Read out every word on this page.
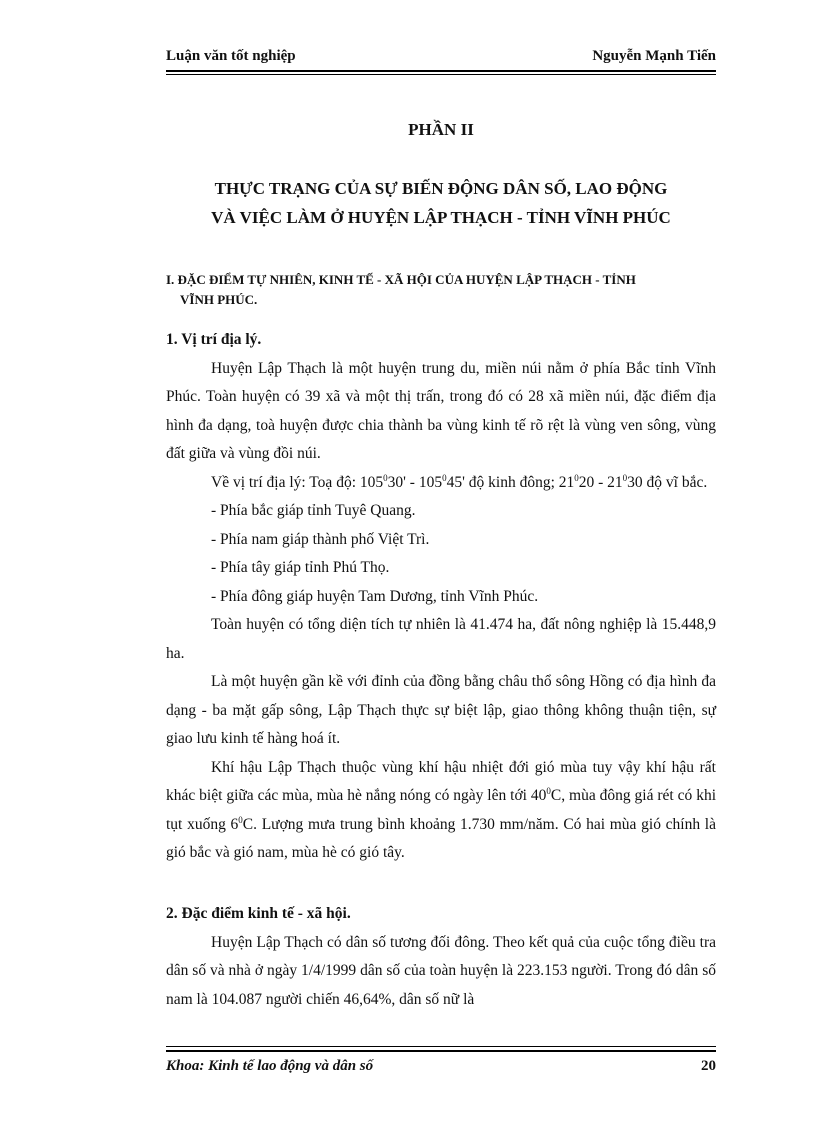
Luận văn tốt nghiệp	Nguyễn Mạnh Tiến
PHẦN II
THỰC TRẠNG CỦA SỰ BIẾN ĐỘNG DÂN SỐ, LAO ĐỘNG
VÀ VIỆC LÀM Ở HUYỆN LẬP THẠCH - TỈNH VĨNH PHÚC
I. ĐẶC ĐIỂM TỰ NHIÊN, KINH TẾ - XÃ HỘI CỦA HUYỆN LẬP THẠCH - TỈNH
VĨNH PHÚC.

1. Vị trí địa lý.

Huyện Lập Thạch là một huyện trung du, miền núi nằm ở phía Bắc tỉnh Vĩnh Phúc. Toàn huyện có 39 xã và một thị trấn, trong đó có 28 xã miền núi, đặc điểm địa hình đa dạng, toà huyện được chia thành ba vùng kinh tế rõ rệt là vùng ven sông, vùng đất giữa và vùng đồi núi.

Về vị trí địa lý: Toạ độ: $105^030' - 105^045'$ độ kinh đông; $21^020 - 21^030$ độ vĩ bắc.

- Phía bắc giáp tỉnh Tuyê Quang.

- Phía nam giáp thành phố Việt Trì.

- Phía tây giáp tỉnh Phú Thọ.

- Phía đông giáp huyện Tam Dương, tỉnh Vĩnh Phúc.

Toàn huyện có tổng diện tích tự nhiên là 41.474 ha, đất nông nghiệp là 15.448,9 ha.

Là một huyện gần kề với đỉnh của đồng bằng châu thổ sông Hồng có địa hình đa dạng - ba mặt gấp sông, Lập Thạch thực sự biệt lập, giao thông không thuận tiện, sự giao lưu kinh tế hàng hoá ít.

Khí hậu Lập Thạch thuộc vùng khí hậu nhiệt đới gió mùa tuy vậy khí hậu rất khác biệt giữa các mùa, mùa hè nắng nóng có ngày lên tới $40^0C$, mùa đông giá rét có khi tụt xuống $6^0C$. Lượng mưa trung bình khoảng 1.730 mm/năm. Có hai mùa gió chính là gió bắc và gió nam, mùa hè có gió tây.

2. Đặc điểm kinh tế - xã hội.

Huyện Lập Thạch có dân số tương đối đông. Theo kết quả của cuộc tổng điều tra dân số và nhà ở ngày 1/4/1999 dân số của toàn huyện là 223.153 người. Trong đó dân số nam là 104.087 người chiến 46,64%, dân số nữ là

Khoa: Kinh tế lao động và dân số	20
